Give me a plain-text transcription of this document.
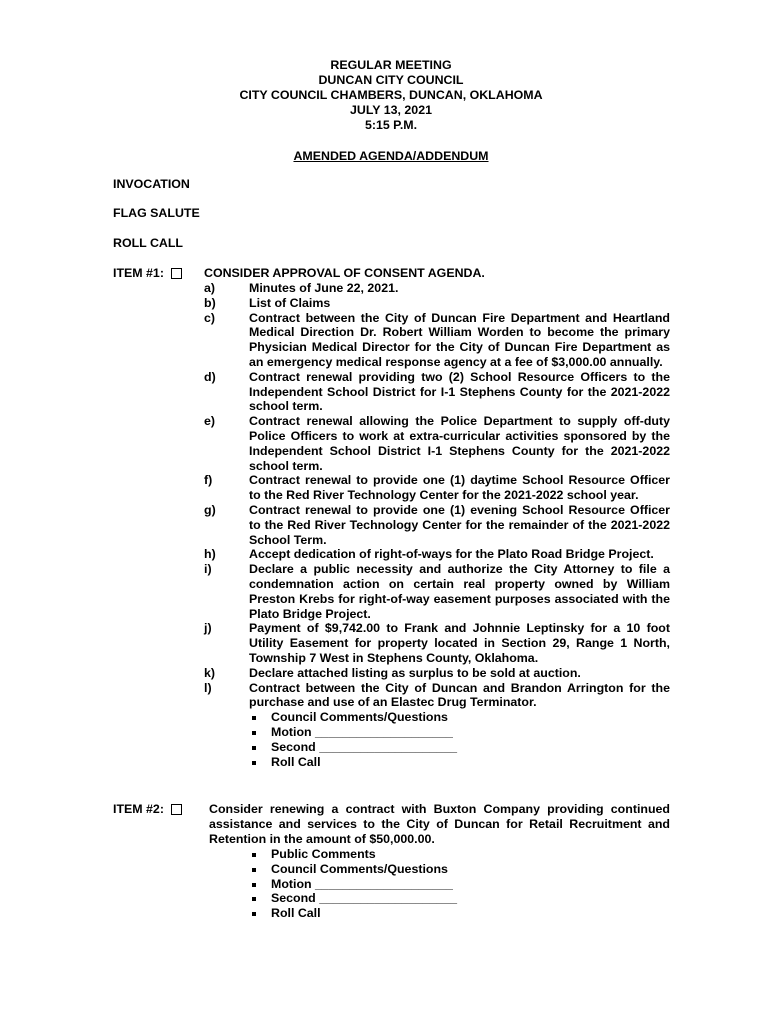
REGULAR MEETING
DUNCAN CITY COUNCIL
CITY COUNCIL CHAMBERS, DUNCAN, OKLAHOMA
JULY 13, 2021
5:15 P.M.
AMENDED AGENDA/ADDENDUM
INVOCATION
FLAG SALUTE
ROLL CALL
ITEM #1:	CONSIDER APPROVAL OF CONSENT AGENDA.
a)	Minutes of June 22, 2021.
b)	List of Claims
c)	Contract between the City of Duncan Fire Department and Heartland Medical Direction Dr. Robert William Worden to become the primary Physician Medical Director for the City of Duncan Fire Department as an emergency medical response agency at a fee of $3,000.00 annually.
d)	Contract renewal providing two (2) School Resource Officers to the Independent School District for I-1 Stephens County for the 2021-2022 school term.
e)	Contract renewal allowing the Police Department to supply off-duty Police Officers to work at extra-curricular activities sponsored by the Independent School District I-1 Stephens County for the 2021-2022 school term.
f)	Contract renewal to provide one (1) daytime School Resource Officer to the Red River Technology Center for the 2021-2022 school year.
g)	Contract renewal to provide one (1) evening School Resource Officer to the Red River Technology Center for the remainder of the 2021-2022 School Term.
h)	Accept dedication of right-of-ways for the Plato Road Bridge Project.
i)	Declare a public necessity and authorize the City Attorney to file a condemnation action on certain real property owned by William Preston Krebs for right-of-way easement purposes associated with the Plato Bridge Project.
j)	Payment of $9,742.00 to Frank and Johnnie Leptinsky for a 10 foot Utility Easement for property located in Section 29, Range 1 North, Township 7 West in Stephens County, Oklahoma.
k)	Declare attached listing as surplus to be sold at auction.
l)	Contract between the City of Duncan and Brandon Arrington for the purchase and use of an Elastec Drug Terminator.
Council Comments/Questions
Motion ____________________
Second ____________________
Roll Call
ITEM #2:	Consider renewing a contract with Buxton Company providing continued assistance and services to the City of Duncan for Retail Recruitment and Retention in the amount of $50,000.00.
Public Comments
Council Comments/Questions
Motion ____________________
Second ____________________
Roll Call
